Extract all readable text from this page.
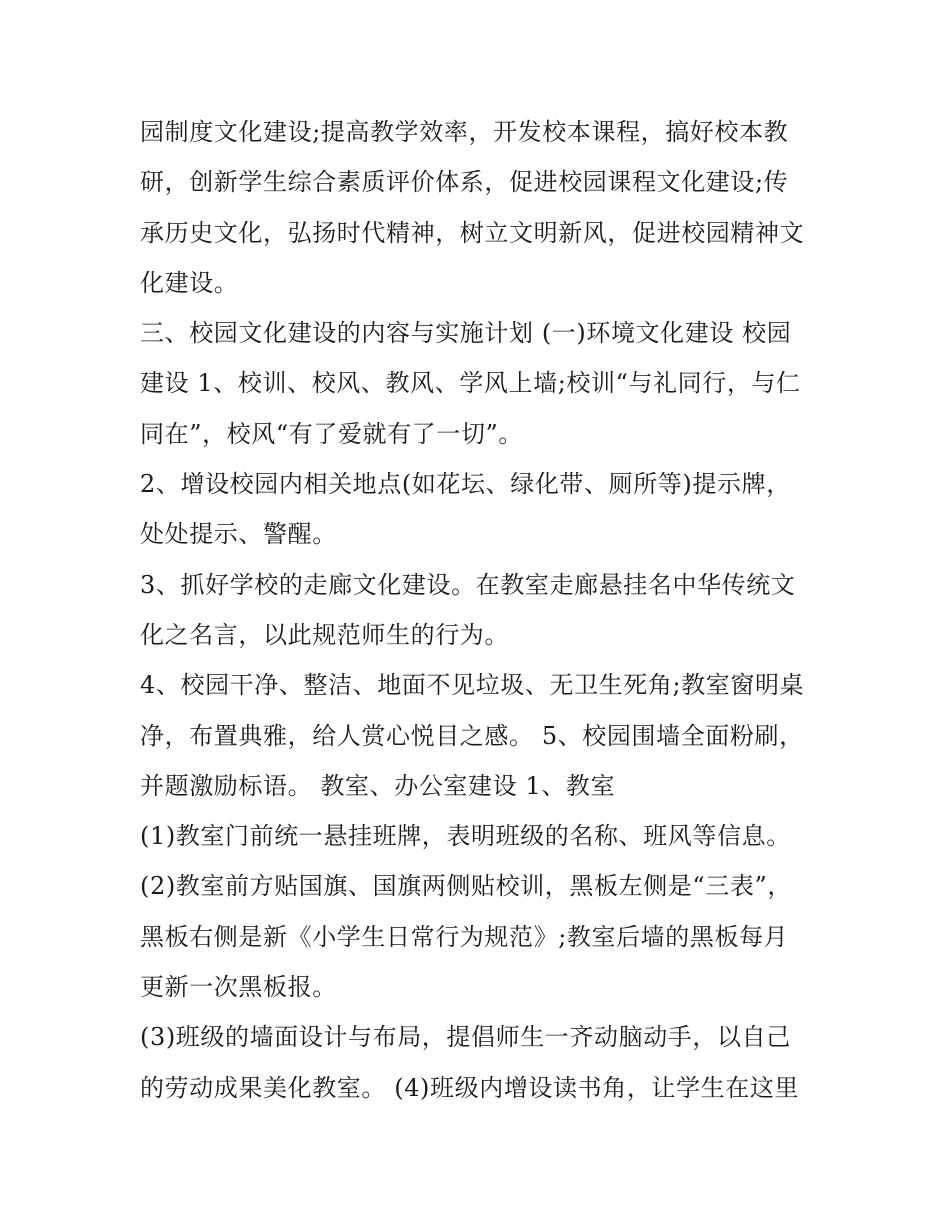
园制度文化建设;提高教学效率，开发校本课程，搞好校本教
研，创新学生综合素质评价体系，促进校园课程文化建设;传
承历史文化，弘扬时代精神，树立文明新风，促进校园精神文
化建设。
三、校园文化建设的内容与实施计划 (一)环境文化建设 校园
建设 1、校训、校风、教风、学风上墙;校训“与礼同行，与仁
同在”，校风“有了爱就有了一切”。
2、增设校园内相关地点(如花坛、绿化带、厕所等)提示牌，
处处提示、警醒。
3、抓好学校的走廊文化建设。在教室走廊悬挂名中华传统文
化之名言，以此规范师生的行为。
4、校园干净、整洁、地面不见垃圾、无卫生死角;教室窗明桌
净，布置典雅，给人赏心悦目之感。 5、校园围墙全面粉刷，
并题激励标语。 教室、办公室建设 1、教室
(1)教室门前统一悬挂班牌，表明班级的名称、班风等信息。
(2)教室前方贴国旗、国旗两侧贴校训，黑板左侧是“三表”，
黑板右侧是新《小学生日常行为规范》;教室后墙的黑板每月
更新一次黑板报。
(3)班级的墙面设计与布局，提倡师生一齐动脑动手，以自己
的劳动成果美化教室。 (4)班级内增设读书角，让学生在这里
